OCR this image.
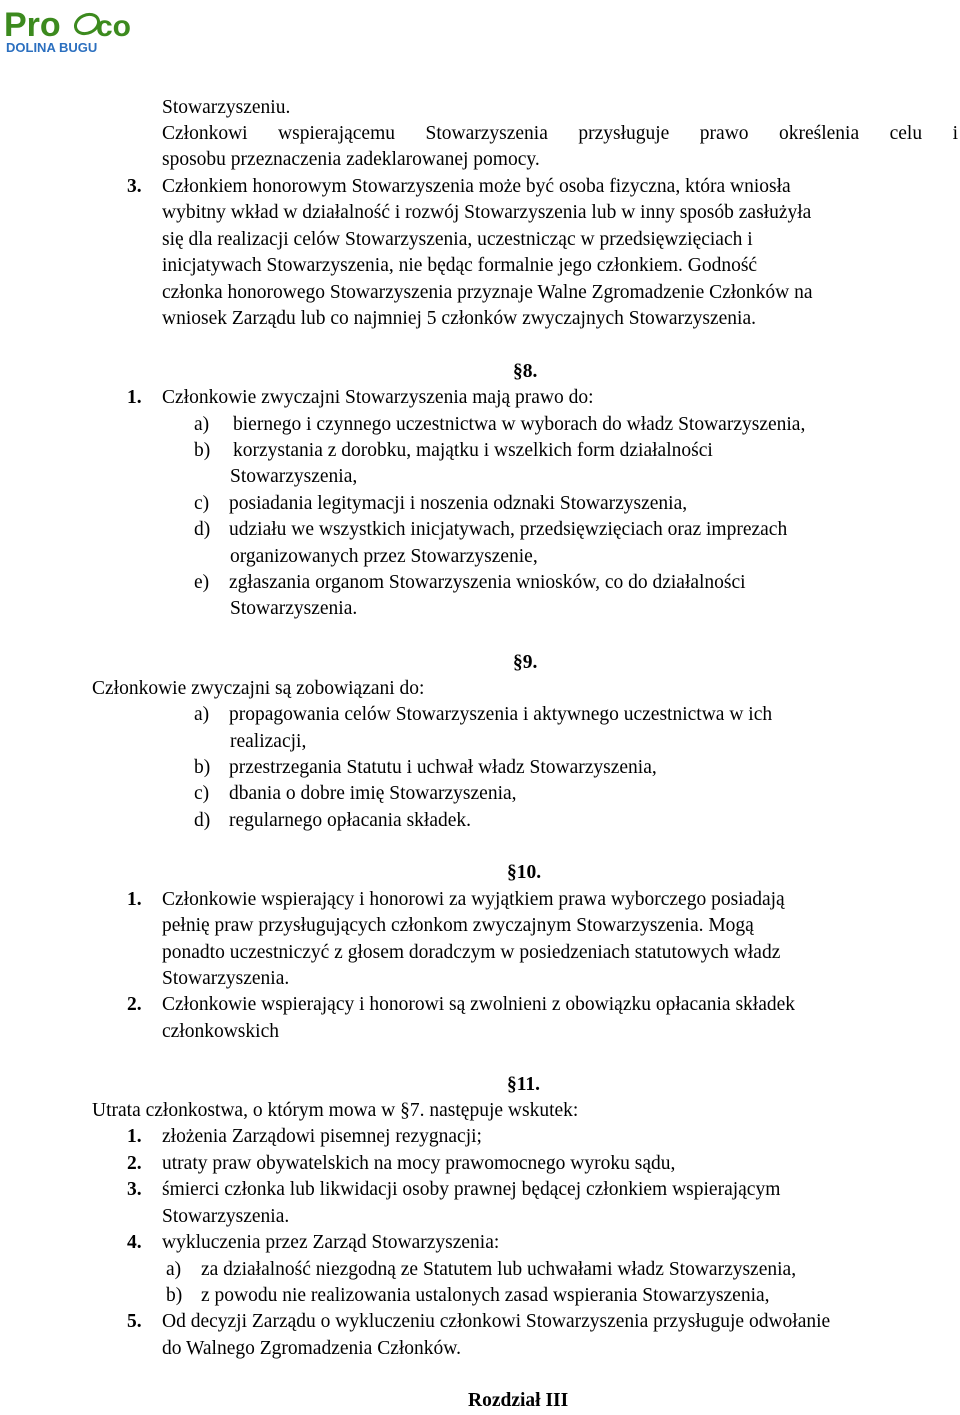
Pro co
DOLINA BUGU
Stowarzyszeniu.
Członkowi wspierającemu Stowarzyszenia przysługuje prawo określenia celu i
sposobu przeznaczenia zadeklarowanej pomocy.
3. Członkiem honorowym Stowarzyszenia może być osoba fizyczna, która wniosła
wybitny wkład w działalność i rozwój Stowarzyszenia lub w inny sposób zasłużyła
się dla realizacji celów Stowarzyszenia, uczestnicząc w przedsięwzięciach i
inicjatywach Stowarzyszenia, nie będąc formalnie jego członkiem. Godność
członka honorowego Stowarzyszenia przyznaje Walne Zgromadzenie Członków na
wniosek Zarządu lub co najmniej 5 członków zwyczajnych Stowarzyszenia.
§8.
1. Członkowie zwyczajni Stowarzyszenia mają prawo do:
a) biernego i czynnego uczestnictwa w wyborach do władz Stowarzyszenia,
b) korzystania z dorobku, majątku i wszelkich form działalności
Stowarzyszenia,
c) posiadania legitymacji i noszenia odznaki Stowarzyszenia,
d) udziału we wszystkich inicjatywach, przedsięwzięciach oraz imprezach
organizowanych przez Stowarzyszenie,
e) zgłaszania organom Stowarzyszenia wniosków, co do działalności
Stowarzyszenia.
§9.
Członkowie zwyczajni są zobowiązani do:
a) propagowania celów Stowarzyszenia i aktywnego uczestnictwa w ich
realizacji,
b) przestrzegania Statutu i uchwał władz Stowarzyszenia,
c) dbania o dobre imię Stowarzyszenia,
d) regularnego opłacania składek.
§10.
1. Członkowie wspierający i honorowi za wyjątkiem prawa wyborczego posiadają
pełnię praw przysługujących członkom zwyczajnym Stowarzyszenia. Mogą
ponadto uczestniczyć z głosem doradczym w posiedzeniach statutowych władz
Stowarzyszenia.
2. Członkowie wspierający i honorowi są zwolnieni z obowiązku opłacania składek
członkowskich
§11.
Utrata członkostwa, o którym mowa w §7. następuje wskutek:
1. złożenia Zarządowi pisemnej rezygnacji;
2. utraty praw obywatelskich na mocy prawomocnego wyroku sądu,
3. śmierci członka lub likwidacji osoby prawnej będącej członkiem wspierającym
Stowarzyszenia.
4. wykluczenia przez Zarząd Stowarzyszenia:
a) za działalność niezgodną ze Statutem lub uchwałami władz Stowarzyszenia,
b) z powodu nie realizowania ustalonych zasad wspierania Stowarzyszenia,
5. Od decyzji Zarządu o wykluczeniu członkowi Stowarzyszenia przysługuje odwołanie
do Walnego Zgromadzenia Członków.
Rozdział III
